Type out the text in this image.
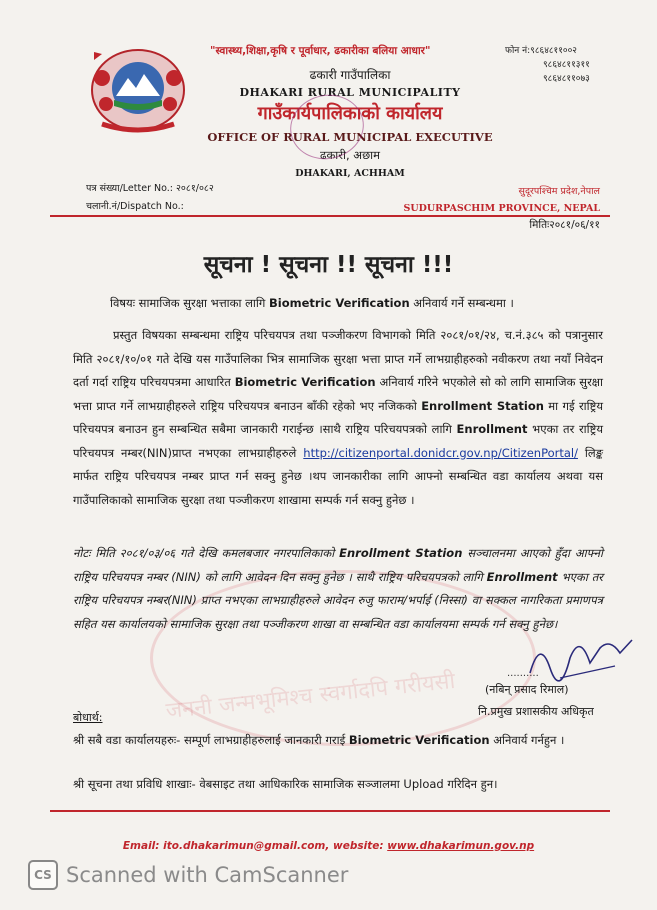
"स्वास्थ्य,शिक्षा,कृषि र पूर्वाधार, ढकारीका बलिया आधार"	फोन नं:९८६४८११००२
९८६४८११३११
९८६४८११०७३
ढकारी गाउँपालिका
DHAKARI RURAL MUNICIPALITY
गाउँकार्यपालिकाको कार्यालय
OFFICE OF RURAL MUNICIPAL EXECUTIVE
ढकारी, अछाम
DHAKARI, ACHHAM
पत्र संख्या/Letter No.: २०८१/०८२
चलानी.नं/Dispatch No.:
सुदूरपश्चिम प्रदेश,नेपाल
SUDURPASCHIM PROVINCE, NEPAL
मितिः२०८१/०६/११
सूचना ! सूचना !! सूचना !!!
विषयः सामाजिक सुरक्षा भत्ताका लागि Biometric Verification अनिवार्य गर्ने सम्बन्धमा ।
जननी जन्मभूमिश्च स्वर्गादपि गरीयसी
प्रस्तुत विषयका सम्बन्धमा राष्ट्रिय परिचयपत्र तथा पञ्जीकरण विभागको मिति २०८१/०१/२४, च.नं.३८५ को पत्रानुसार मिति २०८१/१०/०१ गते देखि यस गाउँपालिका भित्र सामाजिक सुरक्षा भत्ता प्राप्त गर्ने लाभग्राहीहरुको नवीकरण तथा नयाँ निवेदन दर्ता गर्दा राष्ट्रिय परिचयपत्रमा आधारित Biometric Verification अनिवार्य गरिने भएकोले सो को लागि सामाजिक सुरक्षा भत्ता प्राप्त गर्ने लाभग्राहीहरुले राष्ट्रिय परिचयपत्र बनाउन बाँकी रहेको भए नजिकको Enrollment Station मा गई राष्ट्रिय परिचयपत्र बनाउन हुन सम्बन्धित सबैमा जानकारी गराईन्छ ।साथै राष्ट्रिय परिचयपत्रको लागि Enrollment भएका तर राष्ट्रिय परिचयपत्र नम्बर(NIN)प्राप्त नभएका लाभग्राहीहरुले http://citizenportal.donidcr.gov.np/CitizenPortal/ लिङ्क मार्फत राष्ट्रिय परिचयपत्र नम्बर प्राप्त गर्न सक्नु हुनेछ ।थप जानकारीका लागि आफ्नो सम्बन्धित वडा कार्यालय अथवा यस गाउँपालिकाको सामाजिक सुरक्षा तथा पञ्जीकरण शाखामा सम्पर्क गर्न सक्नु हुनेछ ।
नोटः मिति २०८१/०३/०६ गते देखि कमलबजार नगरपालिकाको Enrollment Station सञ्चालनमा आएको हुँदा आफ्नो राष्ट्रिय परिचयपत्र नम्बर (NIN) को लागि आवेदन दिन सक्नु हुनेछ । साथै राष्ट्रिय परिचयपत्रको लागि Enrollment भएका तर राष्ट्रिय परिचयपत्र नम्बर(NIN) प्राप्त नभएका लाभग्राहीहरुले आवेदन रुजु फाराम/भर्पाई (निस्सा) वा सक्कल नागरिकता प्रमाणपत्र सहित यस कार्यालयको सामाजिक सुरक्षा तथा पञ्जीकरण शाखा वा सम्बन्धित वडा कार्यालयमा सम्पर्क गर्न सक्नु हुनेछ।
..........
(नबिन् प्रसाद रिमाल)
नि.प्रमुख प्रशासकीय अधिकृत
बोधार्थ:
श्री सबै वडा कार्यालयहरुः- सम्पूर्ण लाभग्राहीहरुलाई जानकारी गराई Biometric Verification अनिवार्य गर्नहुन ।
श्री सूचना तथा प्रविधि शाखाः- वेबसाइट तथा आधिकारिक सामाजिक सञ्जालमा Upload गरिदिन हुन।
Email: ito.dhakarimun@gmail.com, website: www.dhakarimun.gov.np
CS Scanned with CamScanner
